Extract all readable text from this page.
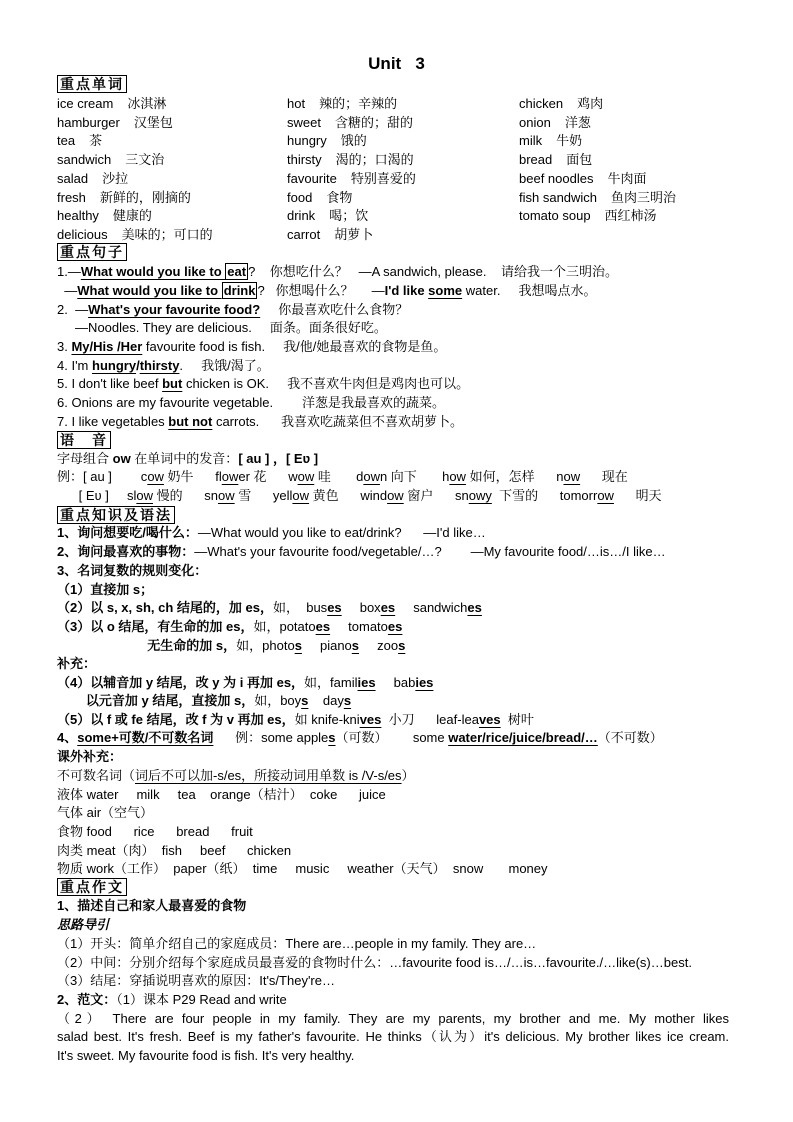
Unit   3
重点单词
ice cream 冰淇淋
hamburger 汉堡包
tea 茶
sandwich 三文治
salad 沙拉
fresh 新鲜的，刚摘的
healthy 健康的
delicious 美味的；可口的
hot 辣的；辛辣的
sweet 含糖的；甜的
hungry 饿的
thirsty 渴的；口渴的
favourite 特别喜爱的
food 食物
drink 喝；饮
carrot 胡萝卜
chicken 鸡肉
onion 洋葱
milk 牛奶
bread 面包
beef noodles 牛肉面
fish sandwich 鱼肉三明治
tomato soup 西红柿汤
重点句子
1.—What would you like to eat ?    你想吃什么？   —A sandwich, please.    请给我一个三明治。
—What would you like to drink ?   你想喝什么？     —I'd like some water.     我想喝点水。
2.  —What's your favourite food?     你最喜欢吃什么食物？
—Noodles. They are delicious.     面条。面条很好吃。
3. My/His /Her favourite food is fish.     我/他/她最喜欢的食物是鱼。
4. I'm hungry/thirsty.     我饿/渴了。
5. I don't like beef but chicken is OK.     我不喜欢牛肉但是鸡肉也可以。
6. Onions are my favourite vegetable.        洋葱是我最喜欢的蔬菜。
7. I like vegetables but not carrots.      我喜欢吃蔬菜但不喜欢胡萝卜。
语　音
字母组合 ow 在单词中的发音：[ au ] ，[ Eʋ ]
例：[ au ]        cow 奶牛      flower 花      wow 哇       down 向下       how 如何，怎样      now      现在
[ Eʋ ]     slow 慢的      snow 雪      yellow 黄色      window 窗户      snowy  下雪的      tomorrow      明天
重点知识及语法
1、询问想要吃/喝什么：—What would you like to eat/drink?      —I'd like…
2、询问最喜欢的事物：—What's your favourite food/vegetable/…?        —My favourite food/…is…/I like…
3、名词复数的规则变化：
（1）直接加 s；
（2）以 s, x, sh, ch 结尾的，加 es，如，  buses     boxes     sandwiches
（3）以 o 结尾，有生命的加 es，如，potatoes     tomatoes
无生命的加 s，如，photos     pianos     zoos
补充：
（4）以辅音加 y 结尾，改 y 为 i 再加 es，如，families     babies
以元音加 y 结尾，直接加 s，如，boys    days
（5）以 f 或 fe 结尾，改 f 为 v 再加 es，如 knife-knives  小刀      leaf-leaves  树叶
4、some+可数/不可数名词      例：some apples（可数）       some water/rice/juice/bread/…（不可数）
课外补充：
不可数名词（词后不可以加-s/es，所接动词用单数 is /V-s/es）
液体 water     milk     tea    orange（桔汁）  coke      juice
气体 air（空气）
食物 food      rice      bread      fruit
肉类 meat（肉）  fish     beef      chicken
物质 work（工作）  paper（纸）  time     music     weather（天气）  snow       money
重点作文
1、描述自己和家人最喜爱的食物
思路导引
（1）开头：简单介绍自己的家庭成员：There are…people in my family. They are…
（2）中间：分别介绍每个家庭成员最喜爱的食物时什么：…favourite food is…/…is…favourite./…like(s)…best.
（3）结尾：穿插说明喜欢的原因：It's/They're…
2、范文：（1）课本 P29 Read and write
（2） There are four people in my family. They are my parents, my brother and me. My mother likes
salad best. It's fresh. Beef is my father's favourite. He thinks（认为）it's delicious. My brother likes ice cream.
It's sweet. My favourite food is fish. It's very healthy.
